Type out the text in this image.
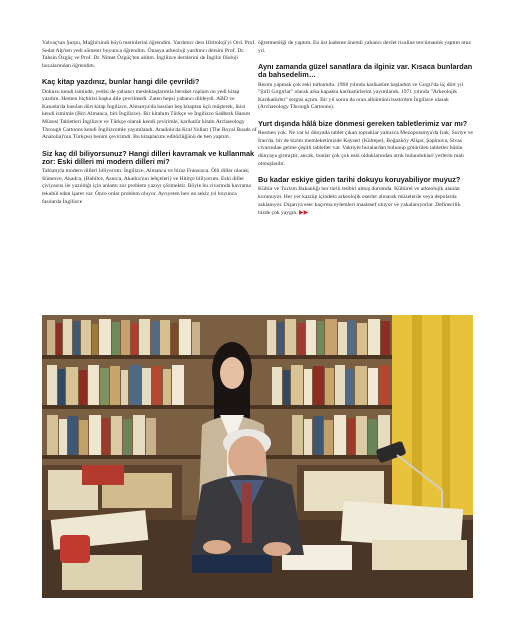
Yalvaç'tan Şurpu, Mağlu'sindi büyü metinlerini öğrendim. Yardımcı ders Hititoloji'yi Ord. Prof. Sedat Alp'ten yedi sömestr boyunca öğrendim. Önasya arkeoloji yardımcı dersini Prof. Dr. Tahsin Özgüç ve Prof. Dr. Nimet Özgüç'ten aldım. İngilizce derslerini de İngiliz filoloji hocalarından öğrendim.

Kaç kitap yazdınız, bunlar hangi dile çevrildi?

Dokuzu kendi isminde, yedisi de yabancı meslektaşlarımla beraber toplam on yedi kitap yazdım. Hemen hiçbirisi başka dile çevrilmedi. Zaten hepsi yabancı dildeydi. ABD ve Kanada'da basılan dört kitap İngilizce, Almanya'da basılan beş kitaptan üçü müşterek, ikisi kendi ismimle (Biri Almanca, biri İngilizce). Bir kitabım Türkçe ve İngilizce Sadberk Hanım Müzesi Tabletleri İngilizce ve Türkçe olarak kendi çevirimle, karikatür kitabı Archaeology Through Cartoons kendi İngilizcemle yayımlandı. Anadolu'da Kral Yolları (The Royal Roads of Anatolia)'nın Türkçesi benim çevirimdi. Bu kitaplarımı editörlüğünü de ben yaptım.

Siz kaç dil biliyorsunuz? Hangi dilleri kavramak ve kullanmak zor: Eski dilleri mi modern dilleri mi?

Tabiatıyla modern dilleri biliyorum: İngilizce, Almanca ve biraz Fransızca. Ölü diller olarak; Sümerce, Akadca, (Babilce, Asurca, Akadca'nın lehçeleri) ve Hititçe biliyorum. Eski diller çiviyazısı ile yazıldığı için anlamı zor problem yazıyı çözmektir. Böyle bu civarında kavrama tekabül eden işaret var. Önce onlar problem oluyor. Ayrıyeten ben on sekiz yıl boyunca fasılarda İngilizce

öğretmenliği de yaptım. En üst kademe önemli yabancı devlet ricaline tercümanlık yaptım otuz yıl.

Aynı zamanda güzel sanatlara da ilginiz var. Kısaca bunlardan da bahsedelim…

Resim yapmak çok eski tutkumdu. 1968 yılında karikatüre başladım ve Gırgır'da üç dört yıl "Şirli Gırgırlar" olarak arka kapakta karikatürlerim yayımlandı. 1971 yılında "Arkeolojik Karikatürler" sergisi açtım. Bir yıl sonra da oran albümünü bastırdım İngilizce olarak (Archaeology Through Cartoons).

Yurt dışında hâlâ bize dönmesi gereken tabletlerimiz var mı?

Resmen yok. Ne var ki dünyada tablet çıkan topraklar yalnızca Mezopotamya'da Irak, Suriye ve İran'da, bir de bizim memleketimizde Kayseri (Kültepe), Boğazköy Alişar, Şapinuva, Sivas civarından gelme çeşitli tabletler var. Vaktiyle buralardan bulunup götürülen tabletler bütün dünyaya girmiştir, ancak, bunlar çok çok eski olduklarından artık bulunduklari yerlerin malı olmuşlardır.

Bu kadar eskiye giden tarihi dokuyu koruyabiliyor muyuz?

Kültür ve Turizm Bakanlığı her türlü tedbiri almış durumda. Kültürel ve arkeolojik alanlar korunuyor. Her yer kazılıp içindeki arkeolojik eserler alınarak müzelerde veya depolarda saklanıyor. Dışarıya eser kaçırma eylemleri maalesef oluyor ve yakalanıyorlar. Definecilik bizde çok yaygın. ▶▶
